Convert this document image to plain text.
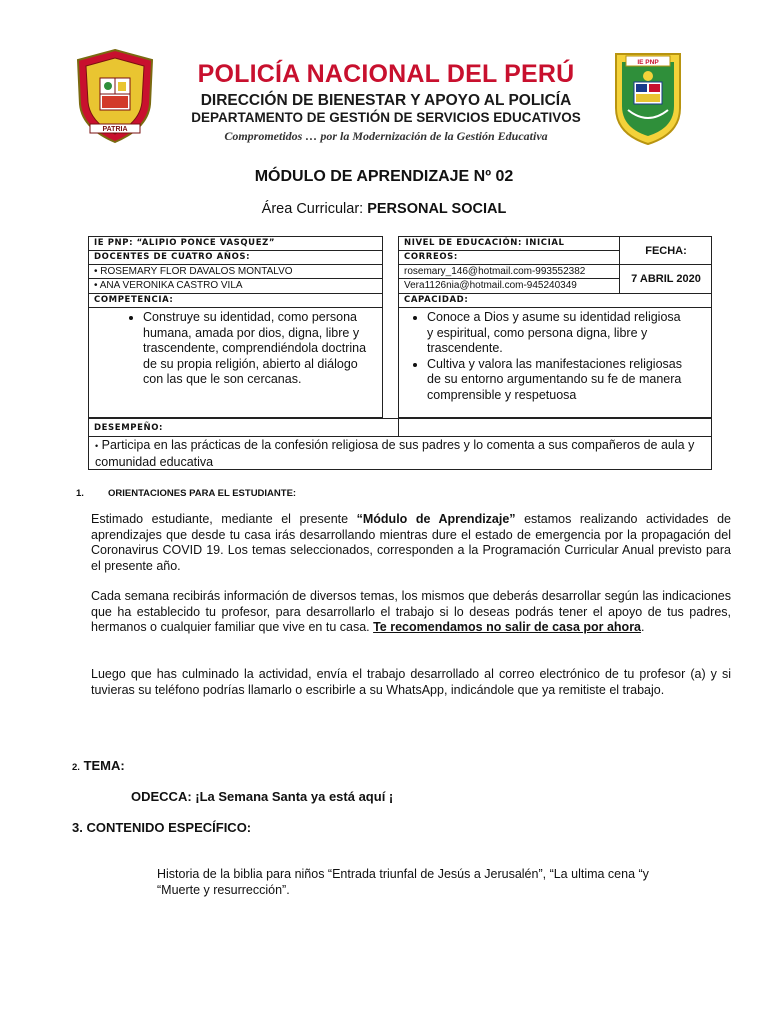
PATRIA
POLICÍA NACIONAL DEL PERÚ
DIRECCIÓN DE BIENESTAR Y APOYO AL POLICÍA
DEPARTAMENTO DE GESTIÓN DE SERVICIOS EDUCATIVOS
Comprometidos … por la Modernización de la Gestión Educativa
IE PNP
MÓDULO DE APRENDIZAJE Nº 02
Área Curricular: PERSONAL SOCIAL
IE PNP: “ALIPIO PONCE VASQUEZ”
DOCENTES DE CUATRO AÑOS:
• ROSEMARY FLOR DAVALOS MONTALVO
• ANA VERONIKA CASTRO VILA
COMPETENCIA:
• Construye su identidad, como persona humana, amada por dios, digna, libre y trascendente, comprendiéndola doctrina de su propia religión, abierto al diálogo con las que le son cercanas.
NIVEL DE EDUCACIÓN: INICIAL
CORREOS:
rosemary_146@hotmail.com-993552382
Vera1126nia@hotmail.com-945240349
FECHA:
7 ABRIL 2020
CAPACIDAD:
• Conoce a Dios y asume su identidad religiosa y espiritual, como persona digna, libre y trascendente.
• Cultiva y valora las manifestaciones religiosas de su entorno argumentando su fe de manera comprensible y respetuosa
DESEMPEÑO:
• Participa en las prácticas de la confesión religiosa de sus padres y lo comenta a sus compañeros de aula y comunidad educativa
1.	ORIENTACIONES PARA EL ESTUDIANTE:
Estimado estudiante, mediante el presente “Módulo de Aprendizaje” estamos realizando actividades de aprendizajes que desde tu casa irás desarrollando mientras dure el estado de emergencia por la propagación del Coronavirus COVID 19. Los temas seleccionados, corresponden a la Programación Curricular Anual previsto para el presente año.
Cada semana recibirás información de diversos temas, los mismos que deberás desarrollar según las indicaciones que ha establecido tu profesor, para desarrollarlo el trabajo si lo deseas podrás tener el apoyo de tus padres, hermanos o cualquier familiar que vive en tu casa. Te recomendamos no salir de casa por ahora.
Luego que has culminado la actividad, envía el trabajo desarrollado al correo electrónico de tu profesor (a) y si tuvieras su teléfono podrías llamarlo o escribirle a su WhatsApp, indicándole que ya remitiste el trabajo.
2. TEMA:
ODECCA: ¡La Semana Santa ya está aquí ¡
3. CONTENIDO ESPECÍFICO:
Historia de la biblia para niños “Entrada triunfal de Jesús a Jerusalén”, “La ultima cena “y “Muerte y resurrección”.
